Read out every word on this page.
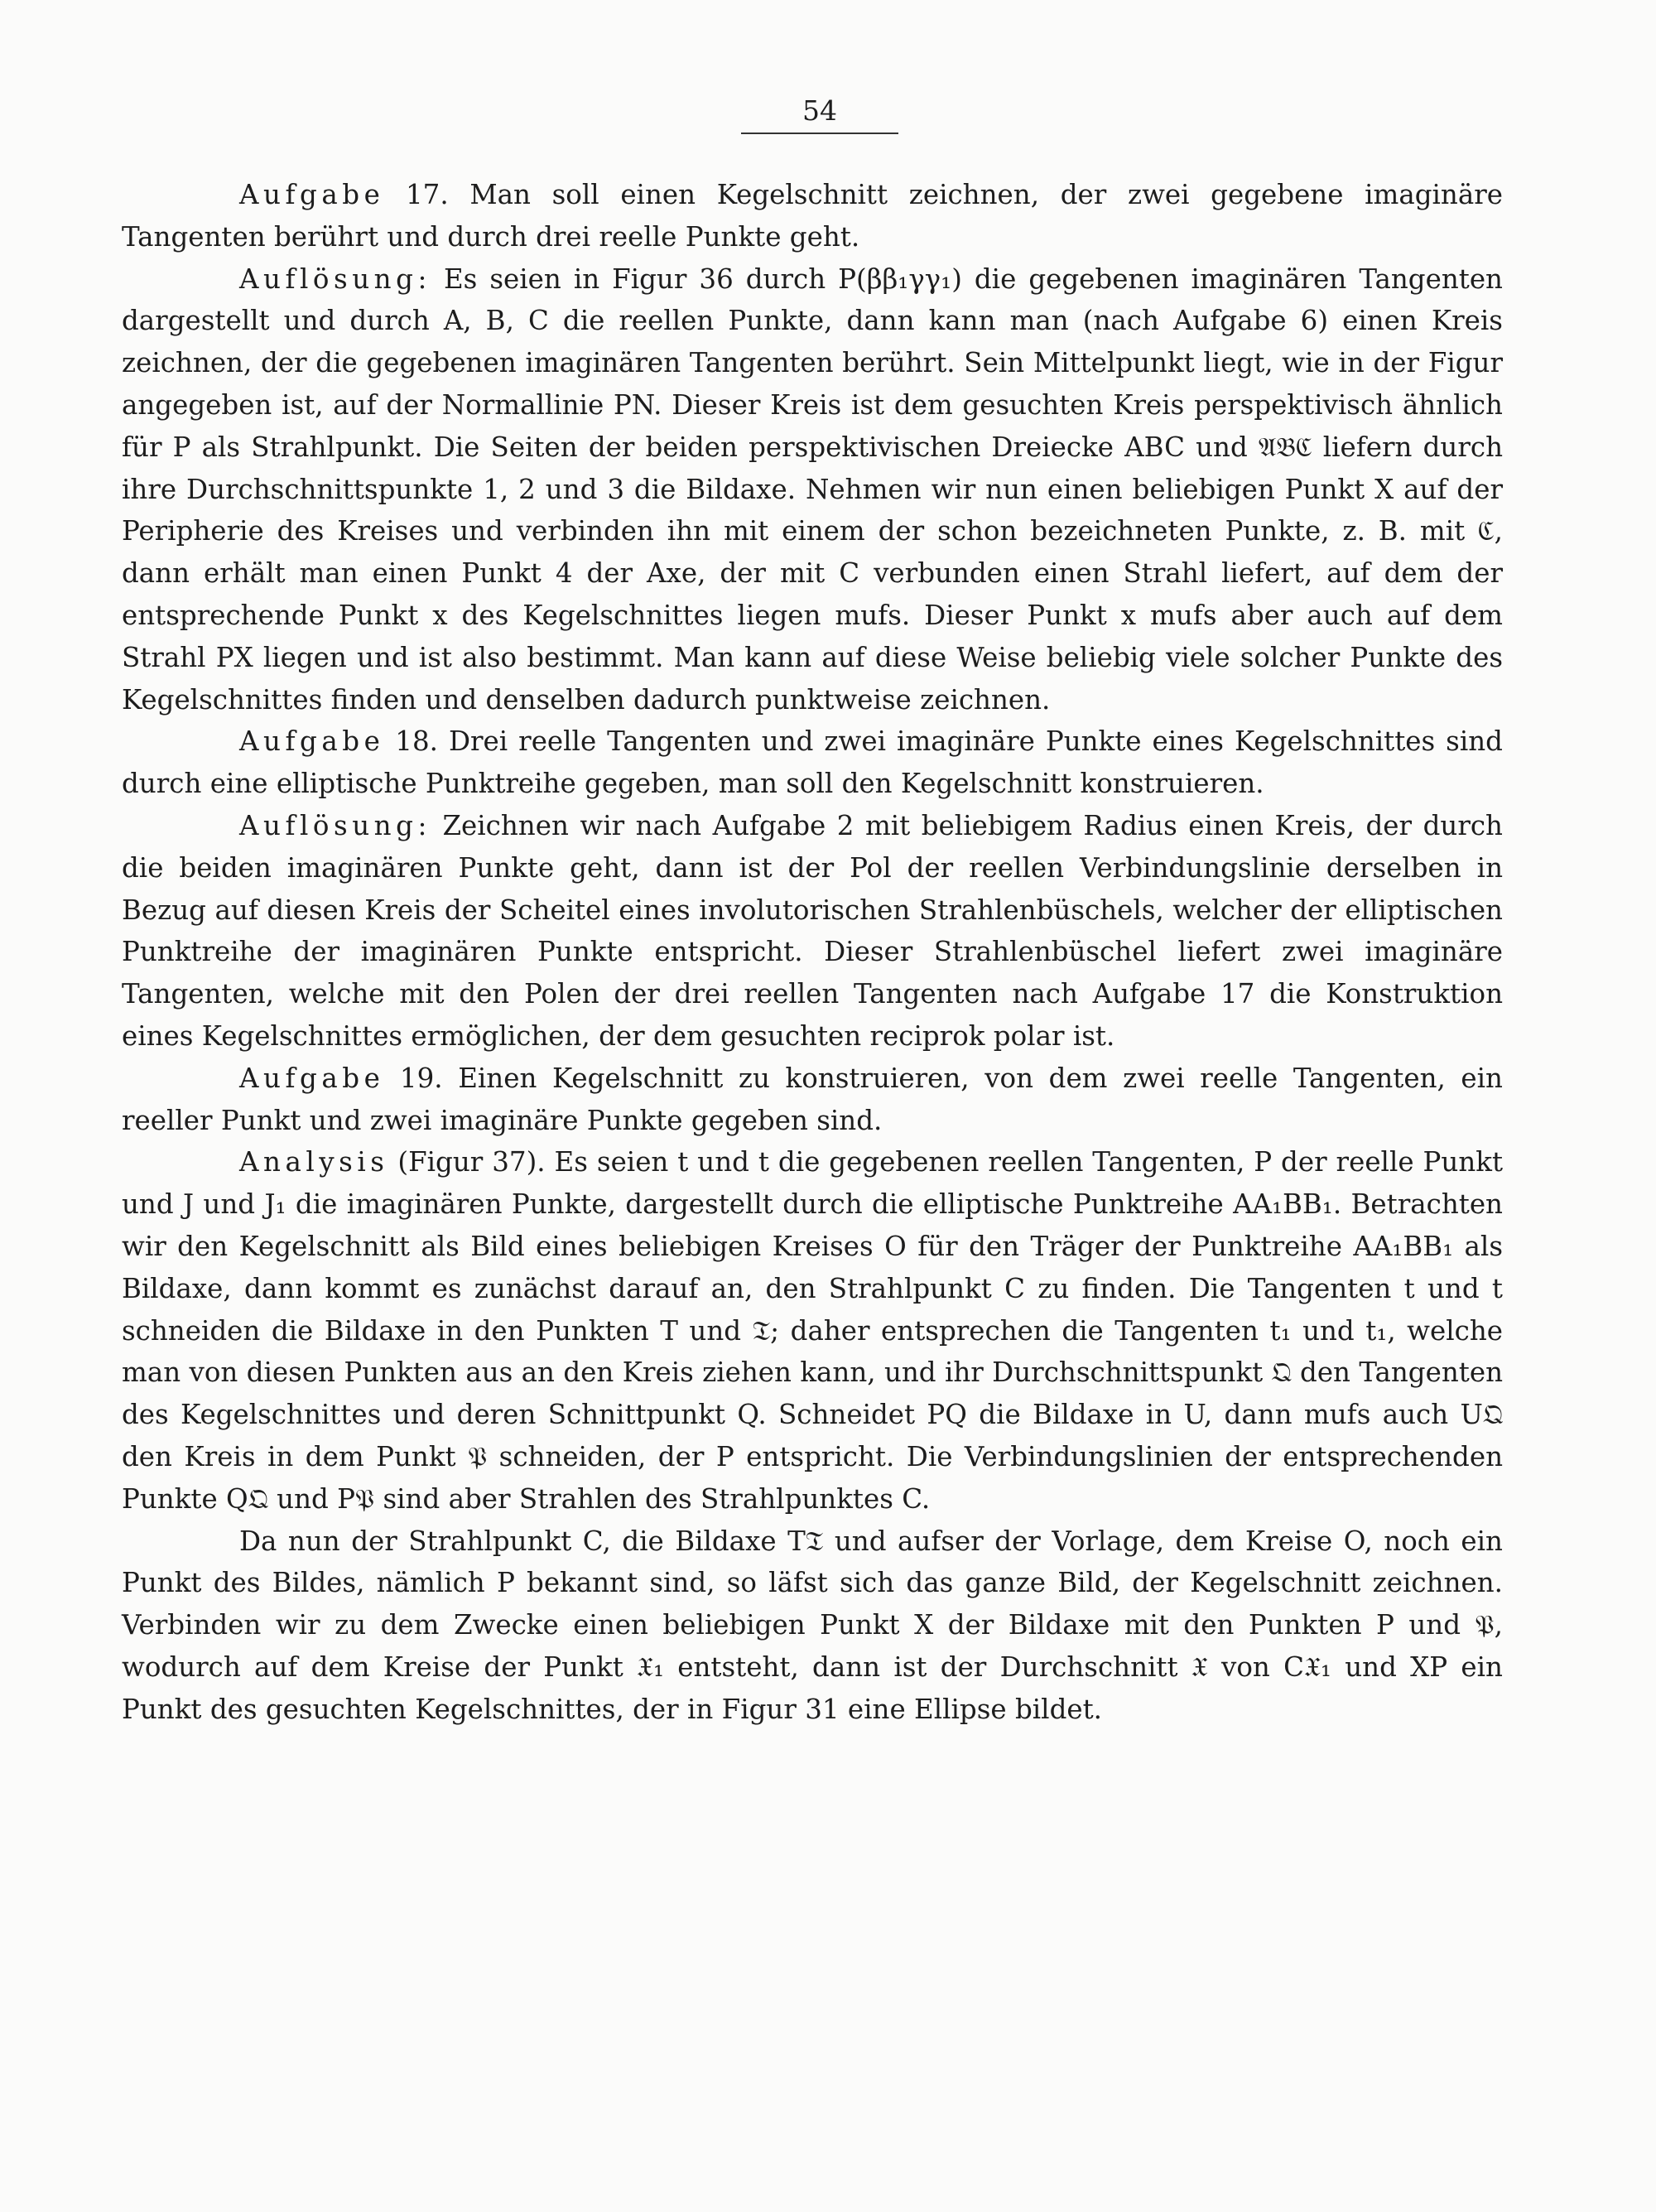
54

Aufgabe 17. Man soll einen Kegelschnitt zeichnen, der zwei gegebene imaginäre Tangenten berührt und durch drei reelle Punkte geht.

Auflösung: Es seien in Figur 36 durch P(ββ₁γγ₁) die gegebenen imaginären Tangenten dargestellt und durch A, B, C die reellen Punkte, dann kann man (nach Aufgabe 6) einen Kreis zeichnen, der die gegebenen imaginären Tangenten berührt. Sein Mittelpunkt liegt, wie in der Figur angegeben ist, auf der Normallinie PN. Dieser Kreis ist dem gesuchten Kreis perspektivisch ähnlich für P als Strahlpunkt. Die Seiten der beiden perspektivischen Dreiecke ABC und 𝔄𝔅ℭ liefern durch ihre Durchschnittspunkte 1, 2 und 3 die Bildaxe. Nehmen wir nun einen beliebigen Punkt X auf der Peripherie des Kreises und verbinden ihn mit einem der schon bezeichneten Punkte, z. B. mit ℭ, dann erhält man einen Punkt 4 der Axe, der mit C verbunden einen Strahl liefert, auf dem der entsprechende Punkt x des Kegelschnittes liegen mufs. Dieser Punkt x mufs aber auch auf dem Strahl PX liegen und ist also bestimmt. Man kann auf diese Weise beliebig viele solcher Punkte des Kegelschnittes finden und denselben dadurch punktweise zeichnen.

Aufgabe 18. Drei reelle Tangenten und zwei imaginäre Punkte eines Kegelschnittes sind durch eine elliptische Punktreihe gegeben, man soll den Kegelschnitt konstruieren.

Auflösung: Zeichnen wir nach Aufgabe 2 mit beliebigem Radius einen Kreis, der durch die beiden imaginären Punkte geht, dann ist der Pol der reellen Verbindungslinie derselben in Bezug auf diesen Kreis der Scheitel eines involutorischen Strahlenbüschels, welcher der elliptischen Punktreihe der imaginären Punkte entspricht. Dieser Strahlenbüschel liefert zwei imaginäre Tangenten, welche mit den Polen der drei reellen Tangenten nach Aufgabe 17 die Konstruktion eines Kegelschnittes ermöglichen, der dem gesuchten reciprok polar ist.

Aufgabe 19. Einen Kegelschnitt zu konstruieren, von dem zwei reelle Tangenten, ein reeller Punkt und zwei imaginäre Punkte gegeben sind.

Analysis (Figur 37). Es seien t und t die gegebenen reellen Tangenten, P der reelle Punkt und J und J₁ die imaginären Punkte, dargestellt durch die elliptische Punktreihe AA₁BB₁. Betrachten wir den Kegelschnitt als Bild eines beliebigen Kreises O für den Träger der Punktreihe AA₁BB₁ als Bildaxe, dann kommt es zunächst darauf an, den Strahlpunkt C zu finden. Die Tangenten t und t schneiden die Bildaxe in den Punkten T und 𝔗; daher entsprechen die Tangenten t₁ und t₁, welche man von diesen Punkten aus an den Kreis ziehen kann, und ihr Durchschnittspunkt 𝔔 den Tangenten des Kegelschnittes und deren Schnittpunkt Q. Schneidet PQ die Bildaxe in U, dann mufs auch U𝔔 den Kreis in dem Punkt 𝔓 schneiden, der P entspricht. Die Verbindungslinien der entsprechenden Punkte Q𝔔 und P𝔓 sind aber Strahlen des Strahlpunktes C.

Da nun der Strahlpunkt C, die Bildaxe T𝔗 und aufser der Vorlage, dem Kreise O, noch ein Punkt des Bildes, nämlich P bekannt sind, so läfst sich das ganze Bild, der Kegelschnitt zeichnen. Verbinden wir zu dem Zwecke einen beliebigen Punkt X der Bildaxe mit den Punkten P und 𝔓, wodurch auf dem Kreise der Punkt 𝔛₁ entsteht, dann ist der Durchschnitt 𝔛 von C𝔛₁ und XP ein Punkt des gesuchten Kegelschnittes, der in Figur 31 eine Ellipse bildet.
